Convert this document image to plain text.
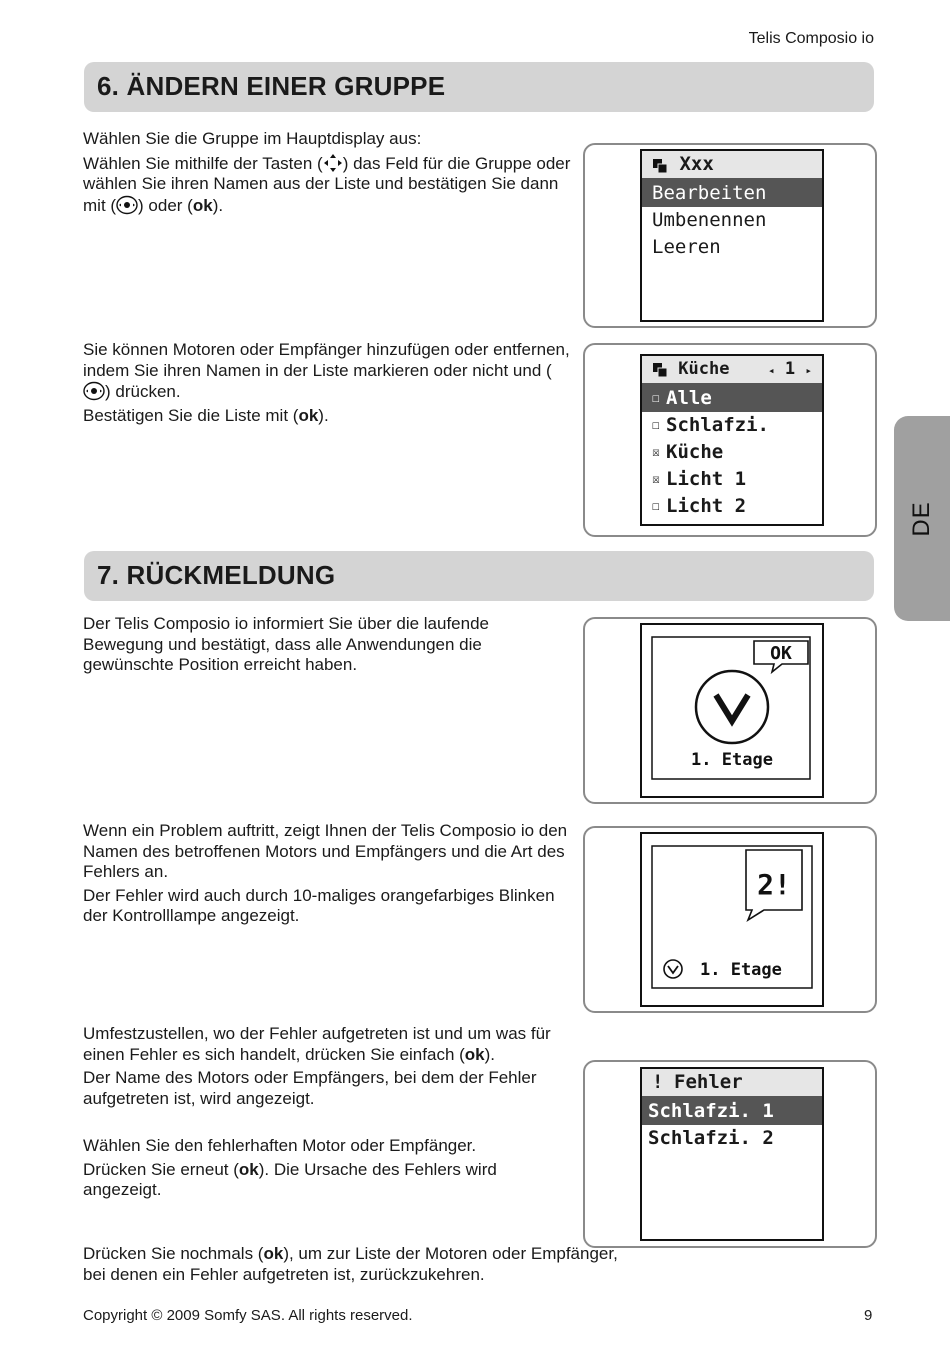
Telis Composio io
6. ÄNDERN EINER GRUPPE

Wählen Sie die Gruppe im Hauptdisplay aus:

Wählen Sie mithilfe der Tasten ( ) das Feld für die Gruppe oder wählen Sie ihren Namen aus der Liste und bestätigen Sie dann mit ( ) oder (ok).

Xxx
Bearbeiten
Umbenennen
Leeren

Sie können Motoren oder Empfänger hinzufügen oder entfernen, indem Sie ihren Namen in der Liste markieren oder nicht und () drücken.

Bestätigen Sie die Liste mit (ok).

Küche	◂ 1 ▸
☐ Alle
☐ Schlafzi.
☒ Küche
☒ Licht 1
☐ Licht 2
7. RÜCKMELDUNG

Der Telis Composio io informiert Sie über die laufende Bewegung und bestätigt, dass alle Anwendungen die gewünschte Position erreicht haben.

OK
1. Etage

Wenn ein Problem auftritt, zeigt Ihnen der Telis Composio io den Namen des betroffenen Motors und Empfängers und die Art des Fehlers an.

Der Fehler wird auch durch 10-maliges orangefarbiges Blinken der Kontrolllampe angezeigt.

2!
1. Etage

Umfestzustellen, wo der Fehler aufgetreten ist und um was für einen Fehler es sich handelt, drücken Sie einfach (ok).

Der Name des Motors oder Empfängers, bei dem der Fehler aufgetreten ist, wird angezeigt.

Wählen Sie den fehlerhaften Motor oder Empfänger.

Drücken Sie erneut (ok). Die Ursache des Fehlers wird angezeigt.

! Fehler
Schlafzi. 1
Schlafzi. 2

Drücken Sie nochmals (ok), um zur Liste der Motoren oder Empfänger, bei denen ein Fehler aufgetreten ist, zurückzukehren.

DE
Copyright © 2009 Somfy SAS. All rights reserved.	9
